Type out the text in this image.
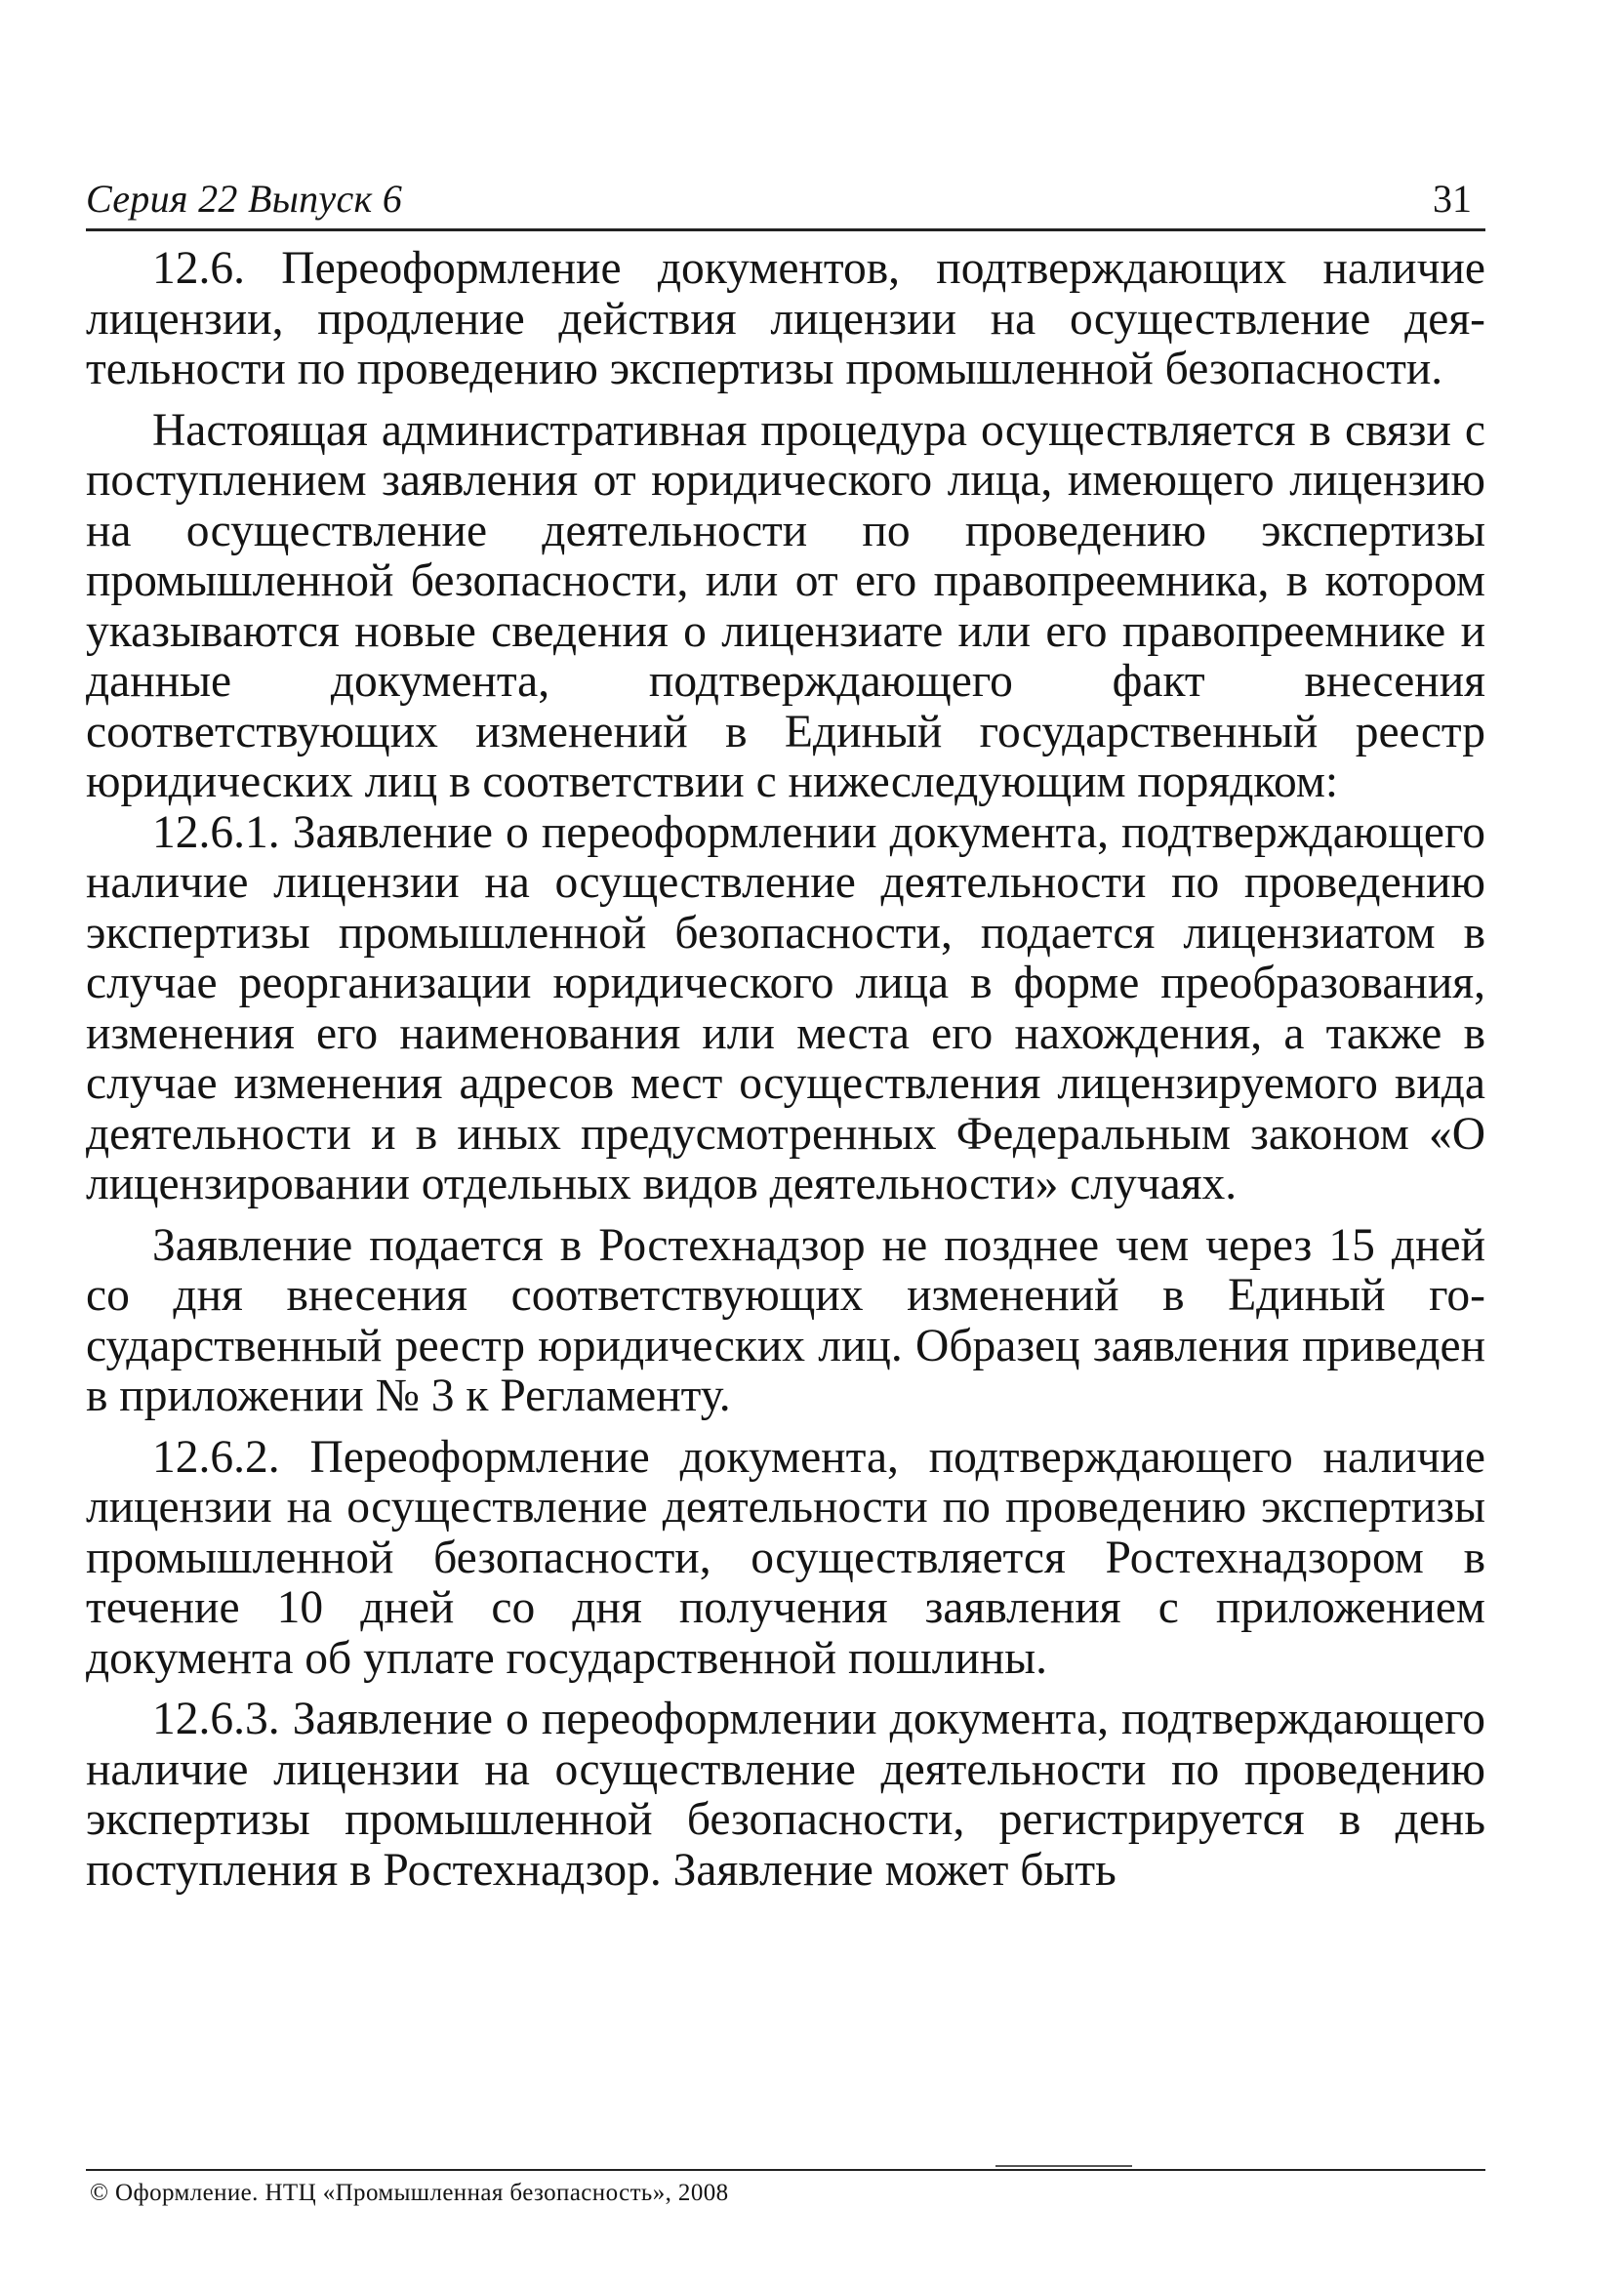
Серия 22 Выпуск 6	31

12.6. Переоформление документов, подтверждающих наличие лицензии, продление действия лицензии на осуществление деятельности по проведению экспертизы промышленной безопасности.

Настоящая административная процедура осуществляется в связи с поступлением заявления от юридического лица, имеющего лицензию на осуществление деятельности по проведению экспертизы промышленной безопасности, или от его правопреемника, в котором указываются новые сведения о лицензиате или его правопреемнике и данные документа, подтверждающего факт внесения соответствующих изменений в Единый государственный реестр юридических лиц в соответствии с нижеследующим порядком:

12.6.1. Заявление о переоформлении документа, подтверждающего наличие лицензии на осуществление деятельности по проведению экспертизы промышленной безопасности, подается лицензиатом в случае реорганизации юридического лица в форме преобразования, изменения его наименования или места его нахождения, а также в случае изменения адресов мест осуществления лицензируемого вида деятельности и в иных предусмотренных Федеральным законом «О лицензировании отдельных видов деятельности» случаях.

Заявление подается в Ростехнадзор не позднее чем через 15 дней со дня внесения соответствующих изменений в Единый государственный реестр юридических лиц. Образец заявления приведен в приложении № 3 к Регламенту.

12.6.2. Переоформление документа, подтверждающего наличие лицензии на осуществление деятельности по проведению экспертизы промышленной безопасности, осуществляется Ростехнадзором в течение 10 дней со дня получения заявления с приложением документа об уплате государственной пошлины.

12.6.3. Заявление о переоформлении документа, подтверждающего наличие лицензии на осуществление деятельности по проведению экспертизы промышленной безопасности, регистрируется в день поступления в Ростехнадзор. Заявление может быть

© Оформление. НТЦ «Промышленная безопасность», 2008
